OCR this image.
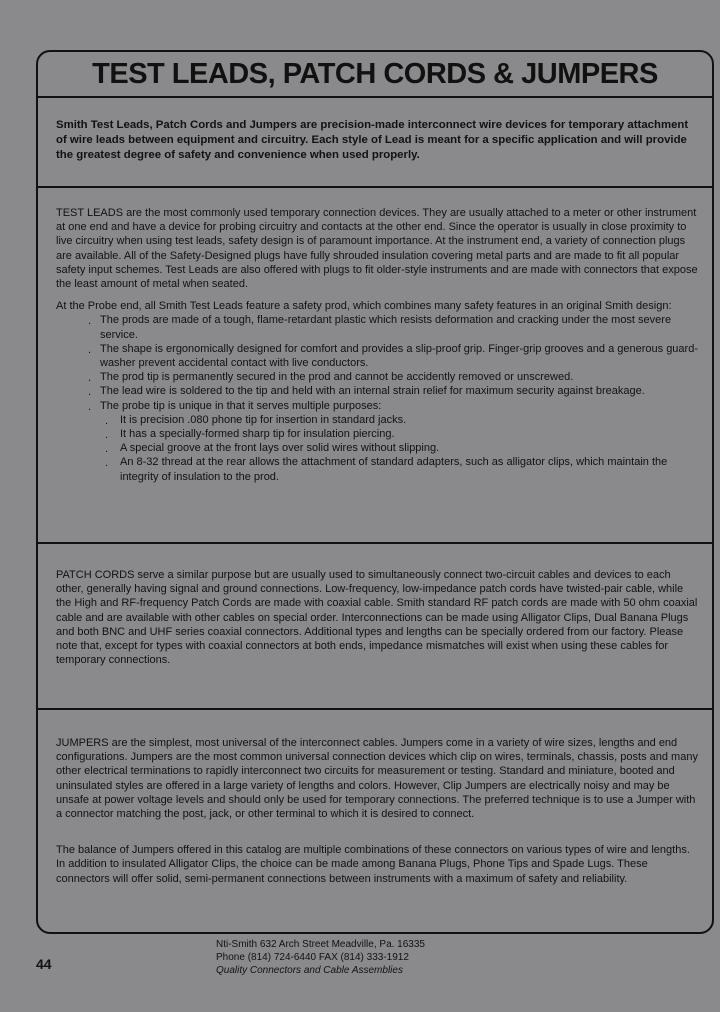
TEST LEADS, PATCH CORDS & JUMPERS
Smith Test Leads, Patch Cords and Jumpers are precision-made interconnect wire devices for temporary attachment of wire leads between equipment and circuitry. Each style of Lead is meant for a specific application and will provide the greatest degree of safety and convenience when used properly.

TEST LEADS are the most commonly used temporary connection devices. They are usually attached to a meter or other instrument at one end and have a device for probing circuitry and contacts at the other end. Since the operator is usually in close proximity to live circuitry when using test leads, safety design is of paramount importance. At the instrument end, a variety of connection plugs are available. All of the Safety-Designed plugs have fully shrouded insulation covering metal parts and are made to fit all popular safety input schemes. Test Leads are also offered with plugs to fit older-style instruments and are made with connectors that expose the least amount of metal when seated.

At the Probe end, all Smith Test Leads feature a safety prod, which combines many safety features in an original Smith design:

. The prods are made of a tough, flame-retardant plastic which resists deformation and cracking under the most severe service.
. The shape is ergonomically designed for comfort and provides a slip-proof grip. Finger-grip grooves and a generous guard-washer prevent accidental contact with live conductors.
. The prod tip is permanently secured in the prod and cannot be accidently removed or unscrewed.
. The lead wire is soldered to the tip and held with an internal strain relief for maximum security against breakage.
. The probe tip is unique in that it serves multiple purposes:
. It is precision .080 phone tip for insertion in standard jacks.
. It has a specially-formed sharp tip for insulation piercing.
. A special groove at the front lays over solid wires without slipping.
. An 8-32 thread at the rear allows the attachment of standard adapters, such as alligator clips, which maintain the integrity of insulation to the prod.
PATCH CORDS serve a similar purpose but are usually used to simultaneously connect two-circuit cables and devices to each other, generally having signal and ground connections. Low-frequency, low-impedance patch cords have twisted-pair cable, while the High and RF-frequency Patch Cords are made with coaxial cable. Smith standard RF patch cords are made with 50 ohm coaxial cable and are available with other cables on special order. Interconnections can be made using Alligator Clips, Dual Banana Plugs and both BNC and UHF series coaxial connectors. Additional types and lengths can be specially ordered from our factory. Please note that, except for types with coaxial connectors at both ends, impedance mismatches will exist when using these cables for temporary connections.

JUMPERS are the simplest, most universal of the interconnect cables. Jumpers come in a variety of wire sizes, lengths and end configurations. Jumpers are the most common universal connection devices which clip on wires, terminals, chassis, posts and many other electrical terminations to rapidly interconnect two circuits for measurement or testing. Standard and miniature, booted and uninsulated styles are offered in a large variety of lengths and colors. However, Clip Jumpers are electrically noisy and may be unsafe at power voltage levels and should only be used for temporary connections. The preferred technique is to use a Jumper with a connector matching the post, jack, or other terminal to which it is desired to connect.

The balance of Jumpers offered in this catalog are multiple combinations of these connectors on various types of wire and lengths. In addition to insulated Alligator Clips, the choice can be made among Banana Plugs, Phone Tips and Spade Lugs. These connectors will offer solid, semi-permanent connections between instruments with a maximum of safety and reliability.

Nti-Smith 632 Arch Street Meadville, Pa. 16335
Phone (814) 724-6440 FAX (814) 333-1912
Quality Connectors and Cable Assemblies
44
